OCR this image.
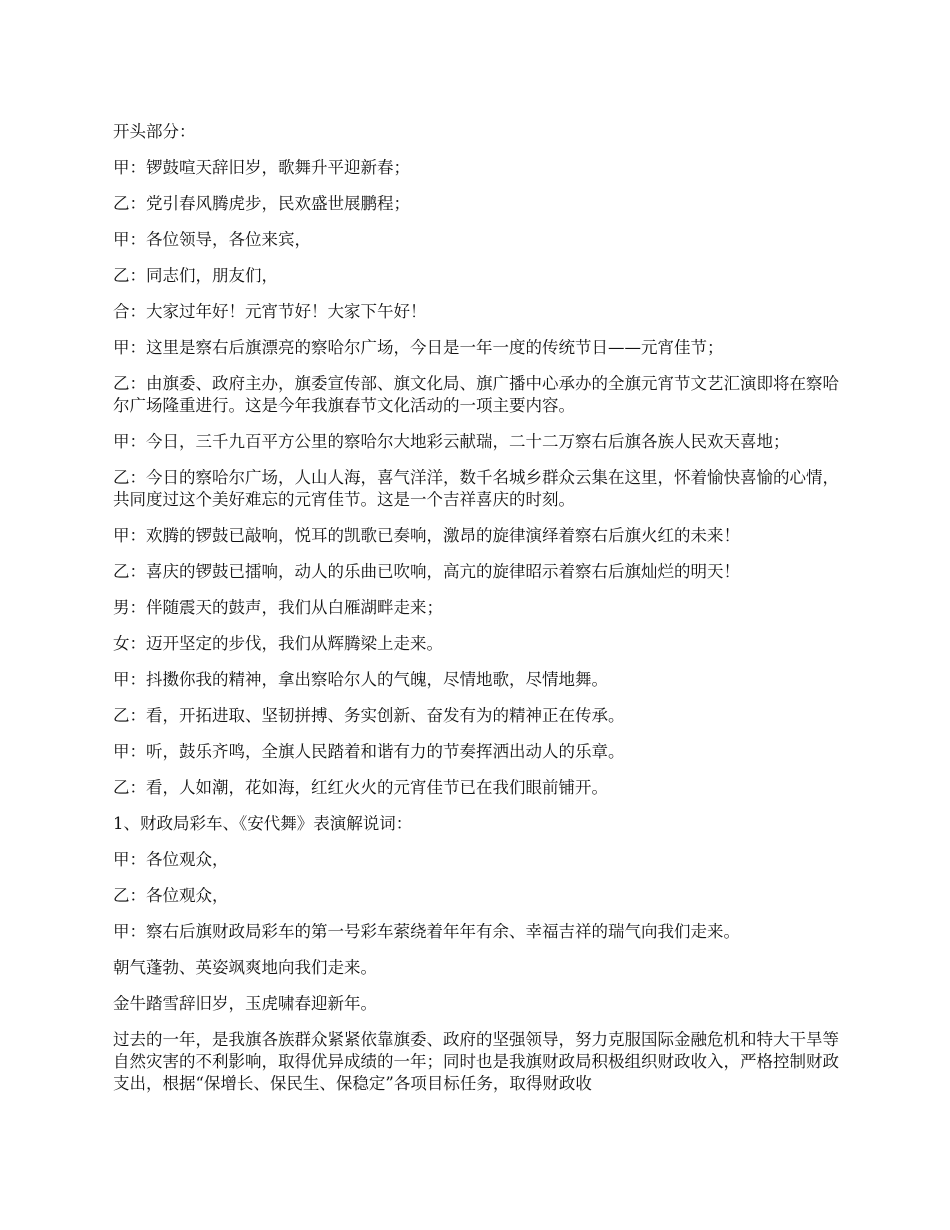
开头部分：

甲：锣鼓喧天辞旧岁，歌舞升平迎新春；

乙：党引春风腾虎步，民欢盛世展鹏程；

甲：各位领导，各位来宾，

乙：同志们，朋友们，

合：大家过年好！元宵节好！大家下午好！

甲：这里是察右后旗漂亮的察哈尔广场，今日是一年一度的传统节日——元宵佳节；

乙：由旗委、政府主办，旗委宣传部、旗文化局、旗广播中心承办的全旗元宵节文艺汇演即将在察哈尔广场隆重进行。这是今年我旗春节文化活动的一项主要内容。

甲：今日，三千九百平方公里的察哈尔大地彩云献瑞，二十二万察右后旗各族人民欢天喜地；

乙：今日的察哈尔广场，人山人海，喜气洋洋，数千名城乡群众云集在这里，怀着愉快喜愉的心情，共同度过这个美好难忘的元宵佳节。这是一个吉祥喜庆的时刻。

甲：欢腾的锣鼓已敲响，悦耳的凯歌已奏响，激昂的旋律演绎着察右后旗火红的未来！

乙：喜庆的锣鼓已擂响，动人的乐曲已吹响，高亢的旋律昭示着察右后旗灿烂的明天！

男：伴随震天的鼓声，我们从白雁湖畔走来；

女：迈开坚定的步伐，我们从辉腾梁上走来。

甲：抖擞你我的精神，拿出察哈尔人的气魄，尽情地歌，尽情地舞。

乙：看，开拓进取、坚韧拼搏、务实创新、奋发有为的精神正在传承。

甲：听，鼓乐齐鸣，全旗人民踏着和谐有力的节奏挥洒出动人的乐章。

乙：看，人如潮，花如海，红红火火的元宵佳节已在我们眼前铺开。

1、财政局彩车、《安代舞》表演解说词：

甲：各位观众，

乙：各位观众，

甲：察右后旗财政局彩车的第一号彩车萦绕着年年有余、幸福吉祥的瑞气向我们走来。

朝气蓬勃、英姿飒爽地向我们走来。

金牛踏雪辞旧岁，玉虎啸春迎新年。

过去的一年，是我旗各族群众紧紧依靠旗委、政府的坚强领导，努力克服国际金融危机和特大干旱等自然灾害的不利影响，取得优异成绩的一年；同时也是我旗财政局积极组织财政收入，严格控制财政支出，根据“保增长、保民生、保稳定”各项目标任务，取得财政收
